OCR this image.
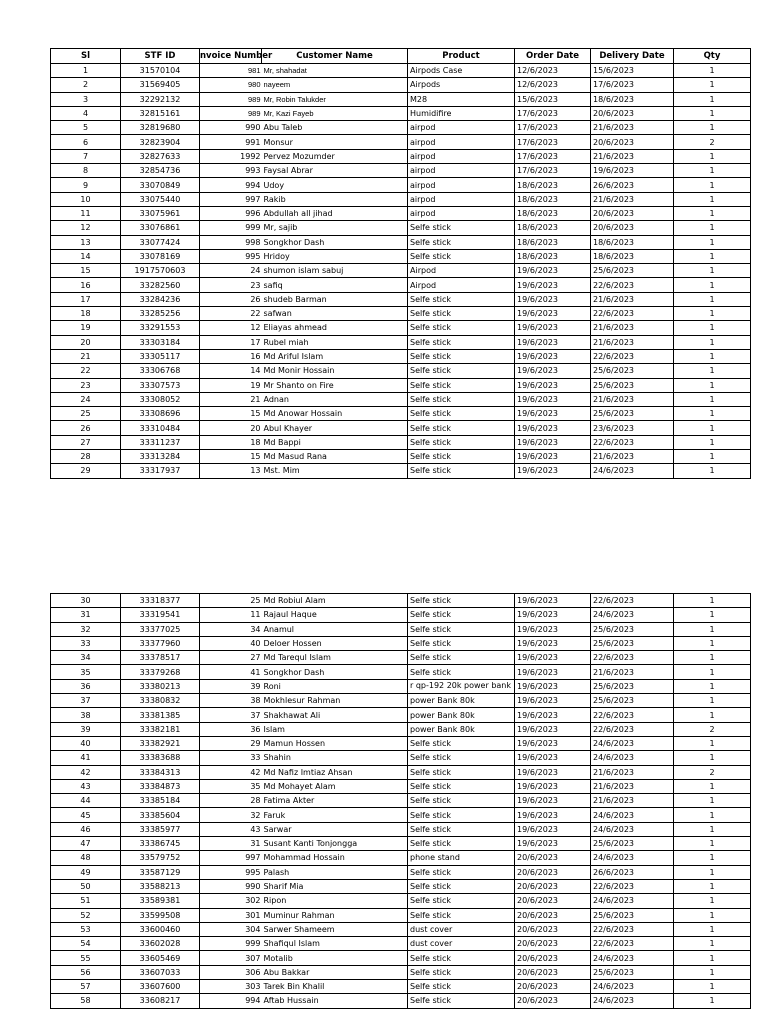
Sl	STF ID	nvoice Number	Customer Name	Product	Order Date	Delivery Date	Qty
1	31570104	981	Mr, shahadat	Airpods Case	12/6/2023	15/6/2023	1
2	31569405	980	nayeem	Airpods	12/6/2023	17/6/2023	1
3	32292132	989	Mr, Robin Talukder	M28	15/6/2023	18/6/2023	1
4	32815161	989	Mr, Kazi Fayeb	Humidifire	17/6/2023	20/6/2023	1
5	32819680	990	Abu Taleb	airpod	17/6/2023	21/6/2023	1
6	32823904	991	Monsur	airpod	17/6/2023	20/6/2023	2
7	32827633	1992	Pervez Mozumder	airpod	17/6/2023	21/6/2023	1
8	32854736	993	Faysal Abrar	airpod	17/6/2023	19/6/2023	1
9	33070849	994	Udoy	airpod	18/6/2023	26/6/2023	1
10	33075440	997	Rakib	airpod	18/6/2023	21/6/2023	1
11	33075961	996	Abdullah all jihad	airpod	18/6/2023	20/6/2023	1
12	33076861	999	Mr, sajib	Selfe stick	18/6/2023	20/6/2023	1
13	33077424	998	Songkhor Dash	Selfe stick	18/6/2023	18/6/2023	1
14	33078169	995	Hridoy	Selfe stick	18/6/2023	18/6/2023	1
15	1917570603	24	shumon islam sabuj	Airpod	19/6/2023	25/6/2023	1
16	33282560	23	safiq	Airpod	19/6/2023	22/6/2023	1
17	33284236	26	shudeb Barman	Selfe stick	19/6/2023	21/6/2023	1
18	33285256	22	safwan	Selfe stick	19/6/2023	22/6/2023	1
19	33291553	12	Eliayas ahmead	Selfe stick	19/6/2023	21/6/2023	1
20	33303184	17	Rubel miah	Selfe stick	19/6/2023	21/6/2023	1
21	33305117	16	Md Ariful Islam	Selfe stick	19/6/2023	22/6/2023	1
22	33306768	14	Md Monir Hossain	Selfe stick	19/6/2023	25/6/2023	1
23	33307573	19	Mr Shanto on Fire	Selfe stick	19/6/2023	25/6/2023	1
24	33308052	21	Adnan	Selfe stick	19/6/2023	21/6/2023	1
25	33308696	15	Md Anowar Hossain	Selfe stick	19/6/2023	25/6/2023	1
26	33310484	20	Abul Khayer	Selfe stick	19/6/2023	23/6/2023	1
27	33311237	18	Md Bappi	Selfe stick	19/6/2023	22/6/2023	1
28	33313284	15	Md Masud Rana	Selfe stick	19/6/2023	21/6/2023	1
29	33317937	13	Mst. Mim	Selfe stick	19/6/2023	24/6/2023	1
30	33318377	25	Md Robiul Alam	Selfe stick	19/6/2023	22/6/2023	1
31	33319541	11	Rajaul Haque	Selfe stick	19/6/2023	24/6/2023	1
32	33377025	34	Anamul	Selfe stick	19/6/2023	25/6/2023	1
33	33377960	40	Deloer Hossen	Selfe stick	19/6/2023	25/6/2023	1
34	33378517	27	Md Tarequl Islam	Selfe stick	19/6/2023	22/6/2023	1
35	33379268	41	Songkhor Dash	Selfe stick	19/6/2023	21/6/2023	1
36	33380213	39	Roni	r qp-192 20k power bank	19/6/2023	25/6/2023	1
37	33380832	38	Mokhlesur Rahman	power Bank 80k	19/6/2023	25/6/2023	1
38	33381385	37	Shakhawat Ali	power Bank 80k	19/6/2023	22/6/2023	1
39	33382181	36	Islam	power Bank 80k	19/6/2023	22/6/2023	2
40	33382921	29	Mamun Hossen	Selfe stick	19/6/2023	24/6/2023	1
41	33383688	33	Shahin	Selfe stick	19/6/2023	24/6/2023	1
42	33384313	42	Md Nafiz Imtiaz Ahsan	Selfe stick	19/6/2023	21/6/2023	2
43	33384873	35	Md Mohayet Alam	Selfe stick	19/6/2023	21/6/2023	1
44	33385184	28	Fatima Akter	Selfe stick	19/6/2023	21/6/2023	1
45	33385604	32	Faruk	Selfe stick	19/6/2023	24/6/2023	1
46	33385977	43	Sarwar	Selfe stick	19/6/2023	24/6/2023	1
47	33386745	31	Susant Kanti Tonjongga	Selfe stick	19/6/2023	25/6/2023	1
48	33579752	997	Mohammad Hossain	phone stand	20/6/2023	24/6/2023	1
49	33587129	995	Palash	Selfe stick	20/6/2023	26/6/2023	1
50	33588213	990	Sharif Mia	Selfe stick	20/6/2023	22/6/2023	1
51	33589381	302	Ripon	Selfe stick	20/6/2023	24/6/2023	1
52	33599508	301	Muminur Rahman	Selfe stick	20/6/2023	25/6/2023	1
53	33600460	304	Sarwer Shameem	dust cover	20/6/2023	22/6/2023	1
54	33602028	999	Shafiqul Islam	dust cover	20/6/2023	22/6/2023	1
55	33605469	307	Motalib	Selfe stick	20/6/2023	24/6/2023	1
56	33607033	306	Abu Bakkar	Selfe stick	20/6/2023	25/6/2023	1
57	33607600	303	Tarek Bin Khalil	Selfe stick	20/6/2023	24/6/2023	1
58	33608217	994	Aftab Hussain	Selfe stick	20/6/2023	24/6/2023	1
